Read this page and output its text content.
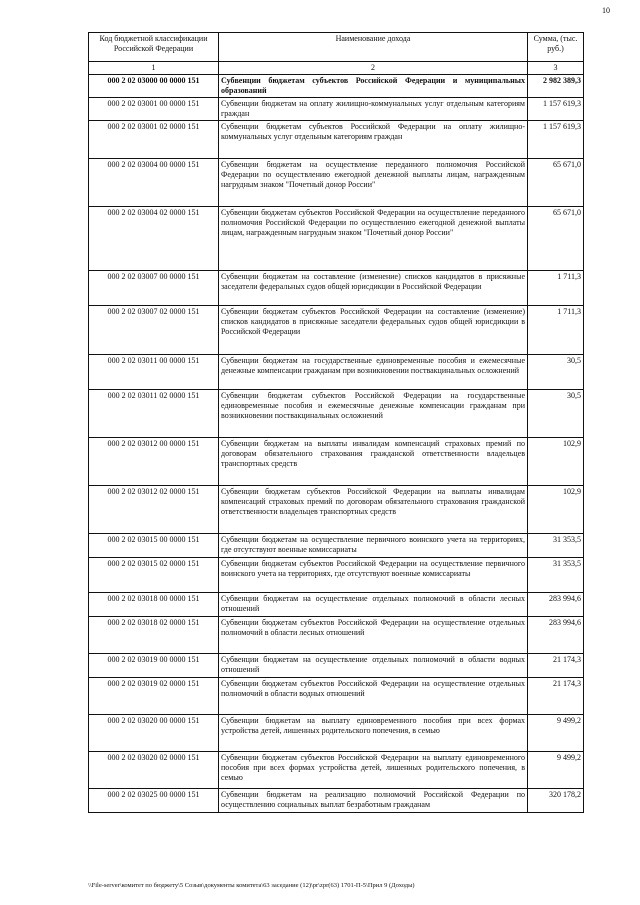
10
Код бюджетной классификации Российской Федерации	Наименование дохода	Сумма, (тыс. руб.)
1	2	3
000 2 02 03000 00 0000 151	Субвенции бюджетам субъектов Российской Федерации и муниципальных образований	2 982 389,3
000 2 02 03001 00 0000 151	Субвенции бюджетам на оплату жилищно-коммунальных услуг отдельным категориям граждан	1 157 619,3
000 2 02 03001 02 0000 151	Субвенции бюджетам субъектов Российской Федерации на оплату жилищно-коммунальных услуг отдельным категориям граждан	1 157 619,3
000 2 02 03004 00 0000 151	Субвенции бюджетам на осуществление переданного полномочия Российской Федерации по осуществлению ежегодной денежной выплаты лицам, награжденным нагрудным знаком "Почетный донор России"	65 671,0
000 2 02 03004 02 0000 151	Субвенции бюджетам субъектов Российской Федерации на осуществление переданного полномочия Российской Федерации по осуществлению ежегодной денежной выплаты лицам, награжденным нагрудным знаком "Почетный донор России"	65 671,0
000 2 02 03007 00 0000 151	Субвенции бюджетам на составление (изменение) списков кандидатов в присяжные заседатели федеральных судов общей юрисдикции в Российской Федерации	1 711,3
000 2 02 03007 02 0000 151	Субвенции бюджетам субъектов Российской Федерации на составление (изменение) списков кандидатов в присяжные заседатели федеральных судов общей юрисдикции в Российской Федерации	1 711,3
000 2 02 03011 00 0000 151	Субвенции бюджетам на государственные единовременные пособия и ежемесячные денежные компенсации гражданам при возникновении поствакцинальных осложнений	30,5
000 2 02 03011 02 0000 151	Субвенции бюджетам субъектов Российской Федерации на государственные единовременные пособия и ежемесячные денежные компенсации гражданам при возникновении поствакцинальных осложнений	30,5
000 2 02 03012 00 0000 151	Субвенции бюджетам на выплаты инвалидам компенсаций страховых премий по договорам обязательного страхования гражданской ответственности владельцев транспортных средств	102,9
000 2 02 03012 02 0000 151	Субвенции бюджетам субъектов Российской Федерации на выплаты инвалидам компенсаций страховых премий по договорам обязательного страхования гражданской ответственности владельцев транспортных средств	102,9
000 2 02 03015 00 0000 151	Субвенции бюджетам на осуществление первичного воинского учета на территориях, где отсутствуют военные комиссариаты	31 353,5
000 2 02 03015 02 0000 151	Субвенции бюджетам субъектов Российской Федерации на осуществление первичного воинского учета на территориях, где отсутствуют военные комиссариаты	31 353,5
000 2 02 03018 00 0000 151	Субвенции бюджетам на осуществление отдельных полномочий в области лесных отношений	283 994,6
000 2 02 03018 02 0000 151	Субвенции бюджетам субъектов Российской Федерации на осуществление отдельных полномочий в области лесных отношений	283 994,6
000 2 02 03019 00 0000 151	Субвенции бюджетам на осуществление отдельных полномочий в области водных отношений	21 174,3
000 2 02 03019 02 0000 151	Субвенции бюджетам субъектов Российской Федерации на осуществление отдельных полномочий в области водных отношений	21 174,3
000 2 02 03020 00 0000 151	Субвенции бюджетам на выплату единовременного пособия при всех формах устройства детей, лишенных родительского попечения, в семью	9 499,2
000 2 02 03020 02 0000 151	Субвенции бюджетам субъектов Российской Федерации на выплату единовременного пособия при всех формах устройства детей, лишенных родительского попечения, в семью	9 499,2
000 2 02 03025 00 0000 151	Субвенции бюджетам на реализацию полномочий Российской Федерации по осуществлению социальных выплат безработным гражданам	320 178,2
\\File-server\комитет по бюджету\5 Созыв\документы комитета\63 заседание (12)\pr\zpr(63) 1701-П-5\Прил 9 (Доходы)
